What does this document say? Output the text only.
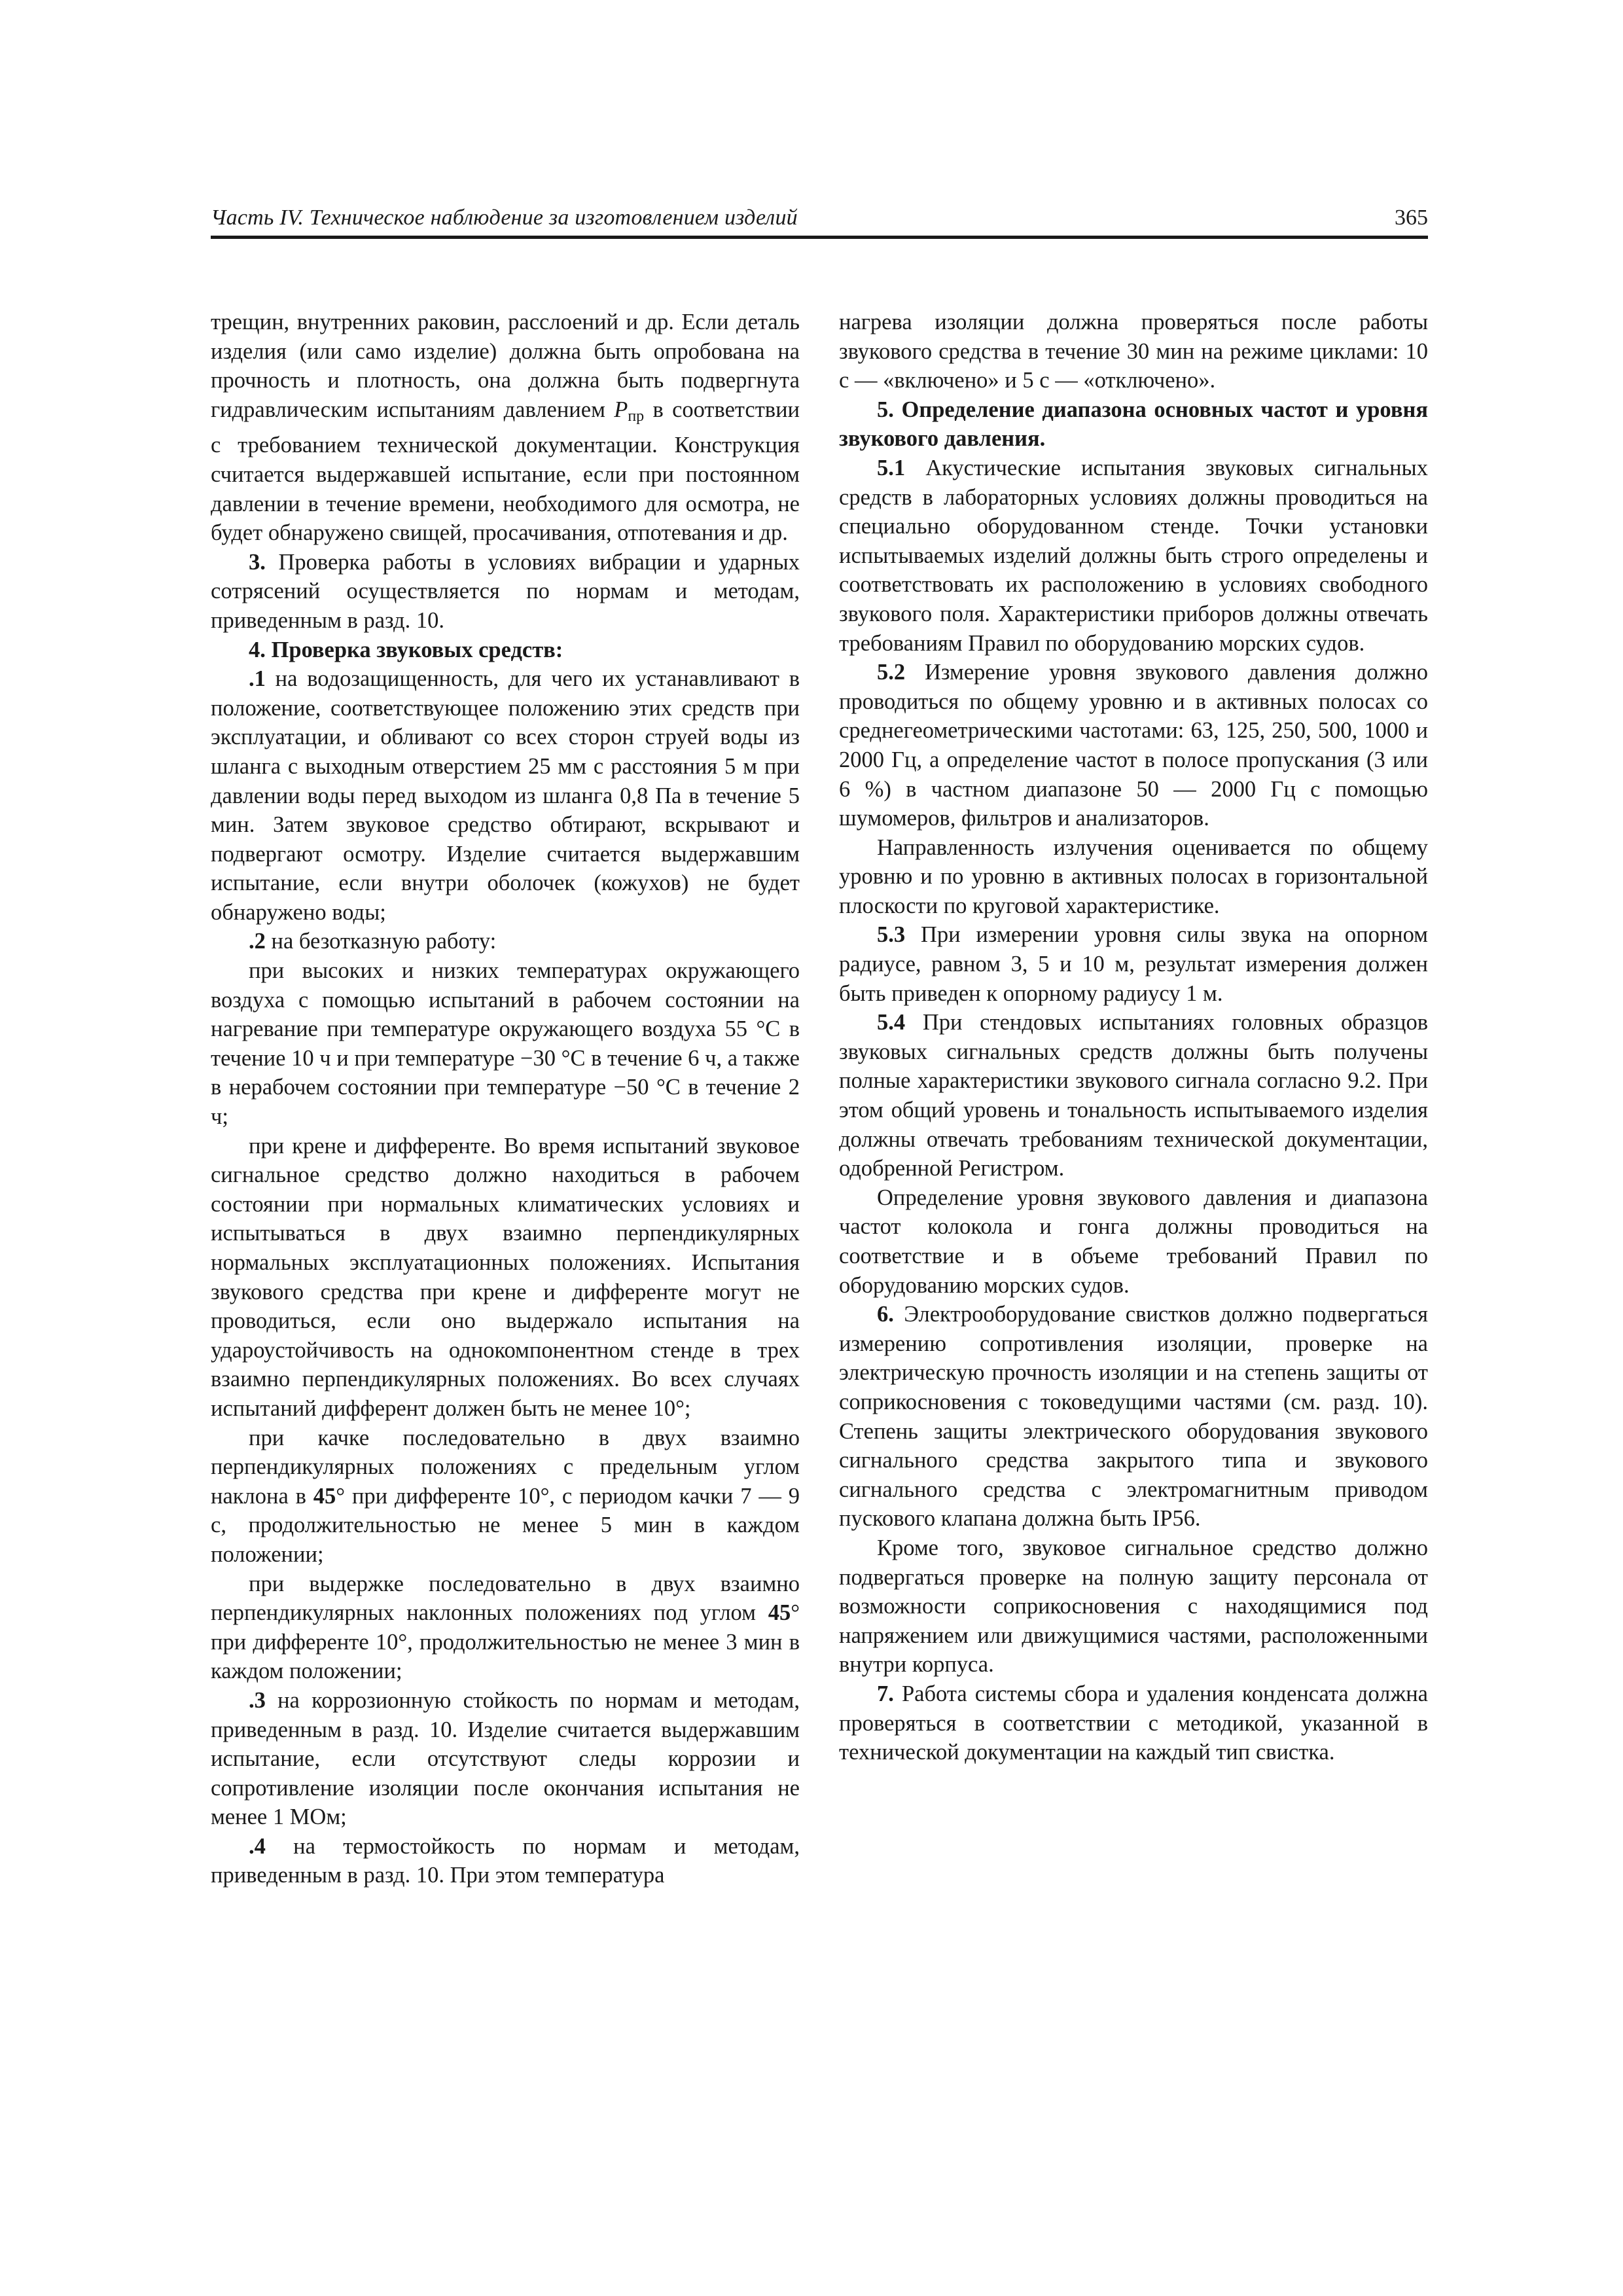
Часть IV. Техническое наблюдение за изготовлением изделий	365

трещин, внутренних раковин, расслоений и др. Если деталь изделия (или само изделие) должна быть опробована на прочность и плотность, она должна быть подвергнута гидравлическим испытаниям давлением $P_{пр}$ в соответствии с требованием технической документации. Конструкция считается выдержавшей испытание, если при постоянном давлении в течение времени, необходимого для осмотра, не будет обнаружено свищей, просачивания, отпотевания и др.

3. Проверка работы в условиях вибрации и ударных сотрясений осуществляется по нормам и методам, приведенным в разд. 10.

4. Проверка звуковых средств:

.1 на водозащищенность, для чего их устанавливают в положение, соответствующее положению этих средств при эксплуатации, и обливают со всех сторон струей воды из шланга с выходным отверстием 25 мм с расстояния 5 м при давлении воды перед выходом из шланга 0,8 Па в течение 5 мин. Затем звуковое средство обтирают, вскрывают и подвергают осмотру. Изделие считается выдержавшим испытание, если внутри оболочек (кожухов) не будет обнаружено воды;

.2 на безотказную работу:

при высоких и низких температурах окружающего воздуха с помощью испытаний в рабочем состоянии на нагревание при температуре окружающего воздуха 55 °С в течение 10 ч и при температуре −30 °С в течение 6 ч, а также в нерабочем состоянии при температуре −50 °С в течение 2 ч;

при крене и дифференте. Во время испытаний звуковое сигнальное средство должно находиться в рабочем состоянии при нормальных климатических условиях и испытываться в двух взаимно перпендикулярных нормальных эксплуатационных положениях. Испытания звукового средства при крене и дифференте могут не проводиться, если оно выдержало испытания на удароустойчивость на однокомпонентном стенде в трех взаимно перпендикулярных положениях. Во всех случаях испытаний дифферент должен быть не менее 10°;

при качке последовательно в двух взаимно перпендикулярных положениях с предельным углом наклона в 45° при дифференте 10°, с периодом качки 7 — 9 с, продолжительностью не менее 5 мин в каждом положении;

при выдержке последовательно в двух взаимно перпендикулярных наклонных положениях под углом 45° при дифференте 10°, продолжительностью не менее 3 мин в каждом положении;

.3 на коррозионную стойкость по нормам и методам, приведенным в разд. 10. Изделие считается выдержавшим испытание, если отсутствуют следы коррозии и сопротивление изоляции после окончания испытания не менее 1 МОм;

.4 на термостойкость по нормам и методам, приведенным в разд. 10. При этом температура

нагрева изоляции должна проверяться после работы звукового средства в течение 30 мин на режиме циклами: 10 с — «включено» и 5 с — «отключено».

5. Определение диапазона основных частот и уровня звукового давления.

5.1 Акустические испытания звуковых сигнальных средств в лабораторных условиях должны проводиться на специально оборудованном стенде. Точки установки испытываемых изделий должны быть строго определены и соответствовать их расположению в условиях свободного звукового поля. Характеристики приборов должны отвечать требованиям Правил по оборудованию морских судов.

5.2 Измерение уровня звукового давления должно проводиться по общему уровню и в активных полосах со среднегеометрическими частотами: 63, 125, 250, 500, 1000 и 2000 Гц, а определение частот в полосе пропускания (3 или 6 %) в частном диапазоне 50 — 2000 Гц с помощью шумомеров, фильтров и анализаторов.

Направленность излучения оценивается по общему уровню и по уровню в активных полосах в горизонтальной плоскости по круговой характеристике.

5.3 При измерении уровня силы звука на опорном радиусе, равном 3, 5 и 10 м, результат измерения должен быть приведен к опорному радиусу 1 м.

5.4 При стендовых испытаниях головных образцов звуковых сигнальных средств должны быть получены полные характеристики звукового сигнала согласно 9.2. При этом общий уровень и тональность испытываемого изделия должны отвечать требованиям технической документации, одобренной Регистром.

Определение уровня звукового давления и диапазона частот колокола и гонга должны проводиться на соответствие и в объеме требований Правил по оборудованию морских судов.

6. Электрооборудование свистков должно подвергаться измерению сопротивления изоляции, проверке на электрическую прочность изоляции и на степень защиты от соприкосновения с токоведущими частями (см. разд. 10). Степень защиты электрического оборудования звукового сигнального средства закрытого типа и звукового сигнального средства с электромагнитным приводом пускового клапана должна быть IP56.

Кроме того, звуковое сигнальное средство должно подвергаться проверке на полную защиту персонала от возможности соприкосновения с находящимися под напряжением или движущимися частями, расположенными внутри корпуса.

7. Работа системы сбора и удаления конденсата должна проверяться в соответствии с методикой, указанной в технической документации на каждый тип свистка.
